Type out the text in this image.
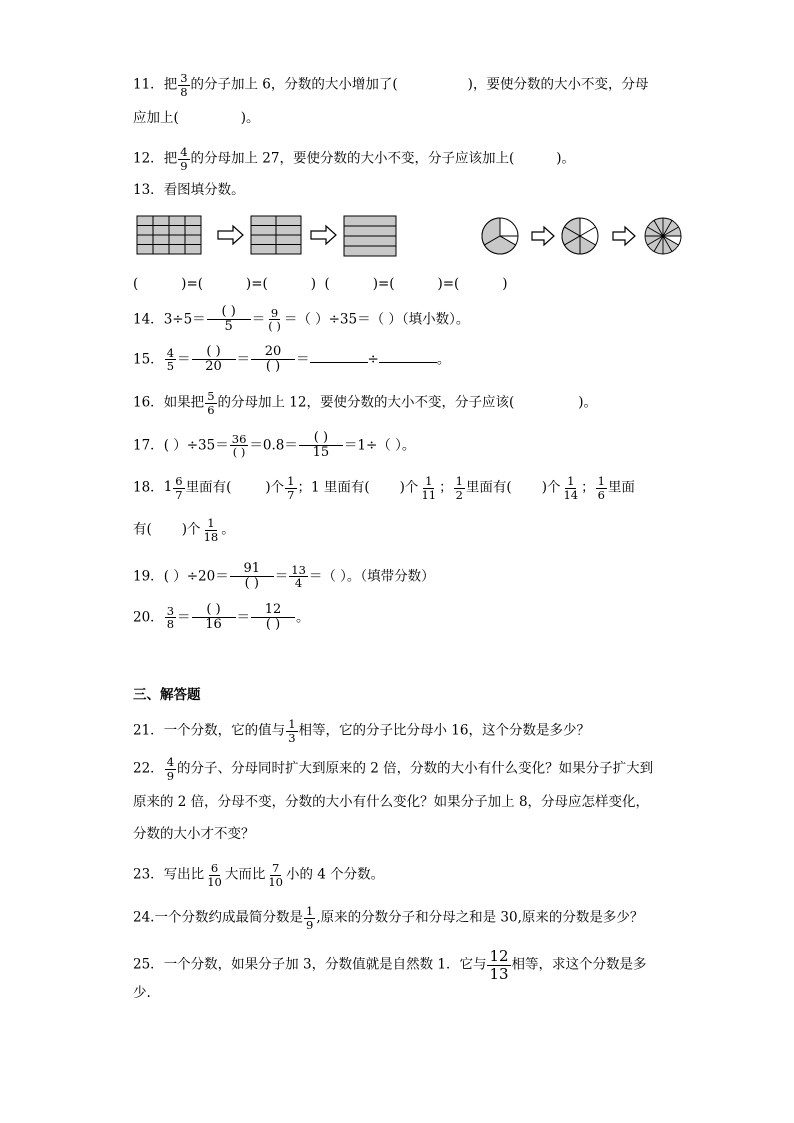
11．把 $\frac{3}{8}$ 的分子加上 6，分数的大小增加了(	)，要使分数的大小不变，分母
应加上(	)。
12．把 $\frac{4}{9}$ 的分母加上 27，要使分数的大小不变，分子应该加上(	)。
13．看图填分数。
(          )=(          )=(          )  (          )=(          )=(          )
14．3÷5＝	( )
5	＝ 9
( ) ＝（ ）÷35＝（ ）（填小数）。
15． $\frac{4}{5}$ ＝	( )
20	＝	20
( )	＝	÷	。
16．如果把 $\frac{5}{6}$ 的分母加上 12，要使分数的大小不变，分子应该(	)。
17．( ）÷35＝ 36
( ) ＝0.8＝	( )
15	＝1÷（ ）。
18． 1 6
7 里面有(	)个 $\frac{1}{7}$ ；1 里面有( )个 $\frac{1}{11}$ ； $\frac{1}{2}$ 里面有( )个 $\frac{1}{14}$ ； $\frac{1}{6}$ 里面
有( )个 $\frac{1}{18}$ 。
19．( ）÷20＝	91
( )	＝ $\frac{13}{4}$ ＝（ ）。（填带分数）
20． $\frac{3}{8}$ ＝	( )
16	＝	12
( )	。
三、解答题
21．一个分数，它的值与 $\frac{1}{3}$ 相等，它的分子比分母小 16，这个分数是多少？
22． $\frac{4}{9}$ 的分子、分母同时扩大到原来的 2 倍，分数的大小有什么变化？如果分子扩大到
原来的 2 倍，分母不变，分数的大小有什么变化？如果分子加上 8，分母应怎样变化，
分数的大小才不变？
23．写出比 $\frac{6}{10}$ 大而比 $\frac{7}{10}$ 小的 4 个分数。
24.一个分数约成最简分数是 $\frac{1}{9}$ ,原来的分数分子和分母之和是 30,原来的分数是多少？
25．一个分数，如果分子加 3，分数值就是自然数 1．它与 $\frac{12}{13}$ 相等，求这个分数是多
少.
